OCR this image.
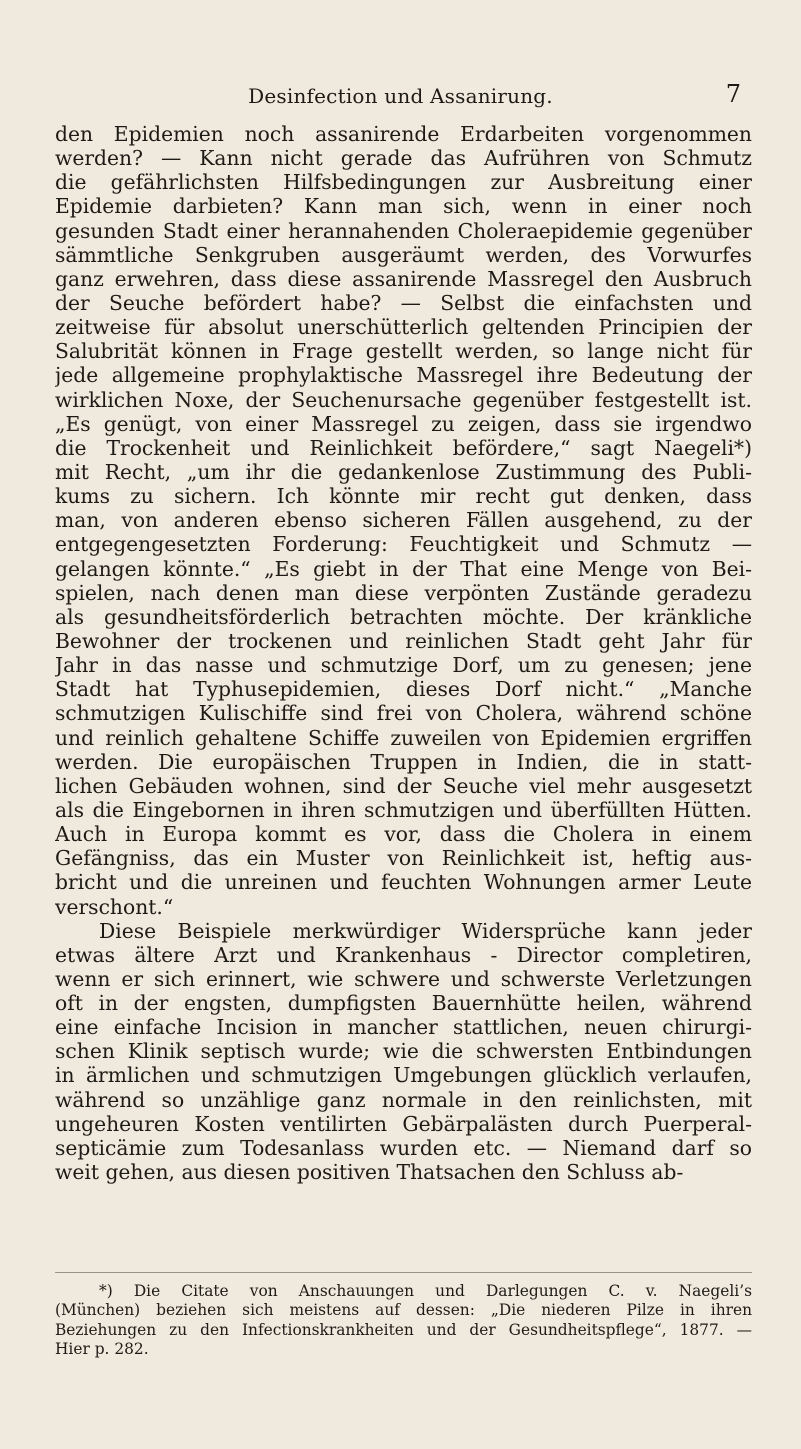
Desinfection und Assanirung.	7
den Epidemien noch assanirende Erdarbeiten vorgenommen
werden? — Kann nicht gerade das Aufrühren von Schmutz
die gefährlichsten Hilfsbedingungen zur Ausbreitung einer
Epidemie darbieten? Kann man sich, wenn in einer noch
gesunden Stadt einer herannahenden Choleraepidemie gegenüber
sämmtliche Senkgruben ausgeräumt werden, des Vorwurfes
ganz erwehren, dass diese assanirende Massregel den Ausbruch
der Seuche befördert habe? — Selbst die einfachsten und
zeitweise für absolut unerschütterlich geltenden Principien der
Salubrität können in Frage gestellt werden, so lange nicht für
jede allgemeine prophylaktische Massregel ihre Bedeutung der
wirklichen Noxe, der Seuchenursache gegenüber festgestellt ist.
„Es genügt, von einer Massregel zu zeigen, dass sie irgendwo
die Trockenheit und Reinlichkeit befördere,“ sagt Naegeli*)
mit Recht, „um ihr die gedankenlose Zustimmung des Publi-
kums zu sichern. Ich könnte mir recht gut denken, dass
man, von anderen ebenso sicheren Fällen ausgehend, zu der
entgegengesetzten Forderung: Feuchtigkeit und Schmutz —
gelangen könnte.“ „Es giebt in der That eine Menge von Bei-
spielen, nach denen man diese verpönten Zustände geradezu
als gesundheitsförderlich betrachten möchte. Der kränkliche
Bewohner der trockenen und reinlichen Stadt geht Jahr für
Jahr in das nasse und schmutzige Dorf, um zu genesen; jene
Stadt hat Typhusepidemien, dieses Dorf nicht.“ „Manche
schmutzigen Kulischiffe sind frei von Cholera, während schöne
und reinlich gehaltene Schiffe zuweilen von Epidemien ergriffen
werden. Die europäischen Truppen in Indien, die in statt-
lichen Gebäuden wohnen, sind der Seuche viel mehr ausgesetzt
als die Eingebornen in ihren schmutzigen und überfüllten Hütten.
Auch in Europa kommt es vor, dass die Cholera in einem
Gefängniss, das ein Muster von Reinlichkeit ist, heftig aus-
bricht und die unreinen und feuchten Wohnungen armer Leute
verschont.“
Diese Beispiele merkwürdiger Widersprüche kann jeder
etwas ältere Arzt und Krankenhaus - Director completiren,
wenn er sich erinnert, wie schwere und schwerste Verletzungen
oft in der engsten, dumpfigsten Bauernhütte heilen, während
eine einfache Incision in mancher stattlichen, neuen chirurgi-
schen Klinik septisch wurde; wie die schwersten Entbindungen
in ärmlichen und schmutzigen Umgebungen glücklich verlaufen,
während so unzählige ganz normale in den reinlichsten, mit
ungeheuren Kosten ventilirten Gebärpalästen durch Puerperal-
septicämie zum Todesanlass wurden etc. — Niemand darf so
weit gehen, aus diesen positiven Thatsachen den Schluss ab-
*) Die Citate von Anschauungen und Darlegungen C. v. Naegeli’s
(München) beziehen sich meistens auf dessen: „Die niederen Pilze in ihren
Beziehungen zu den Infectionskrankheiten und der Gesundheitspflege“, 1877. —
Hier p. 282.
